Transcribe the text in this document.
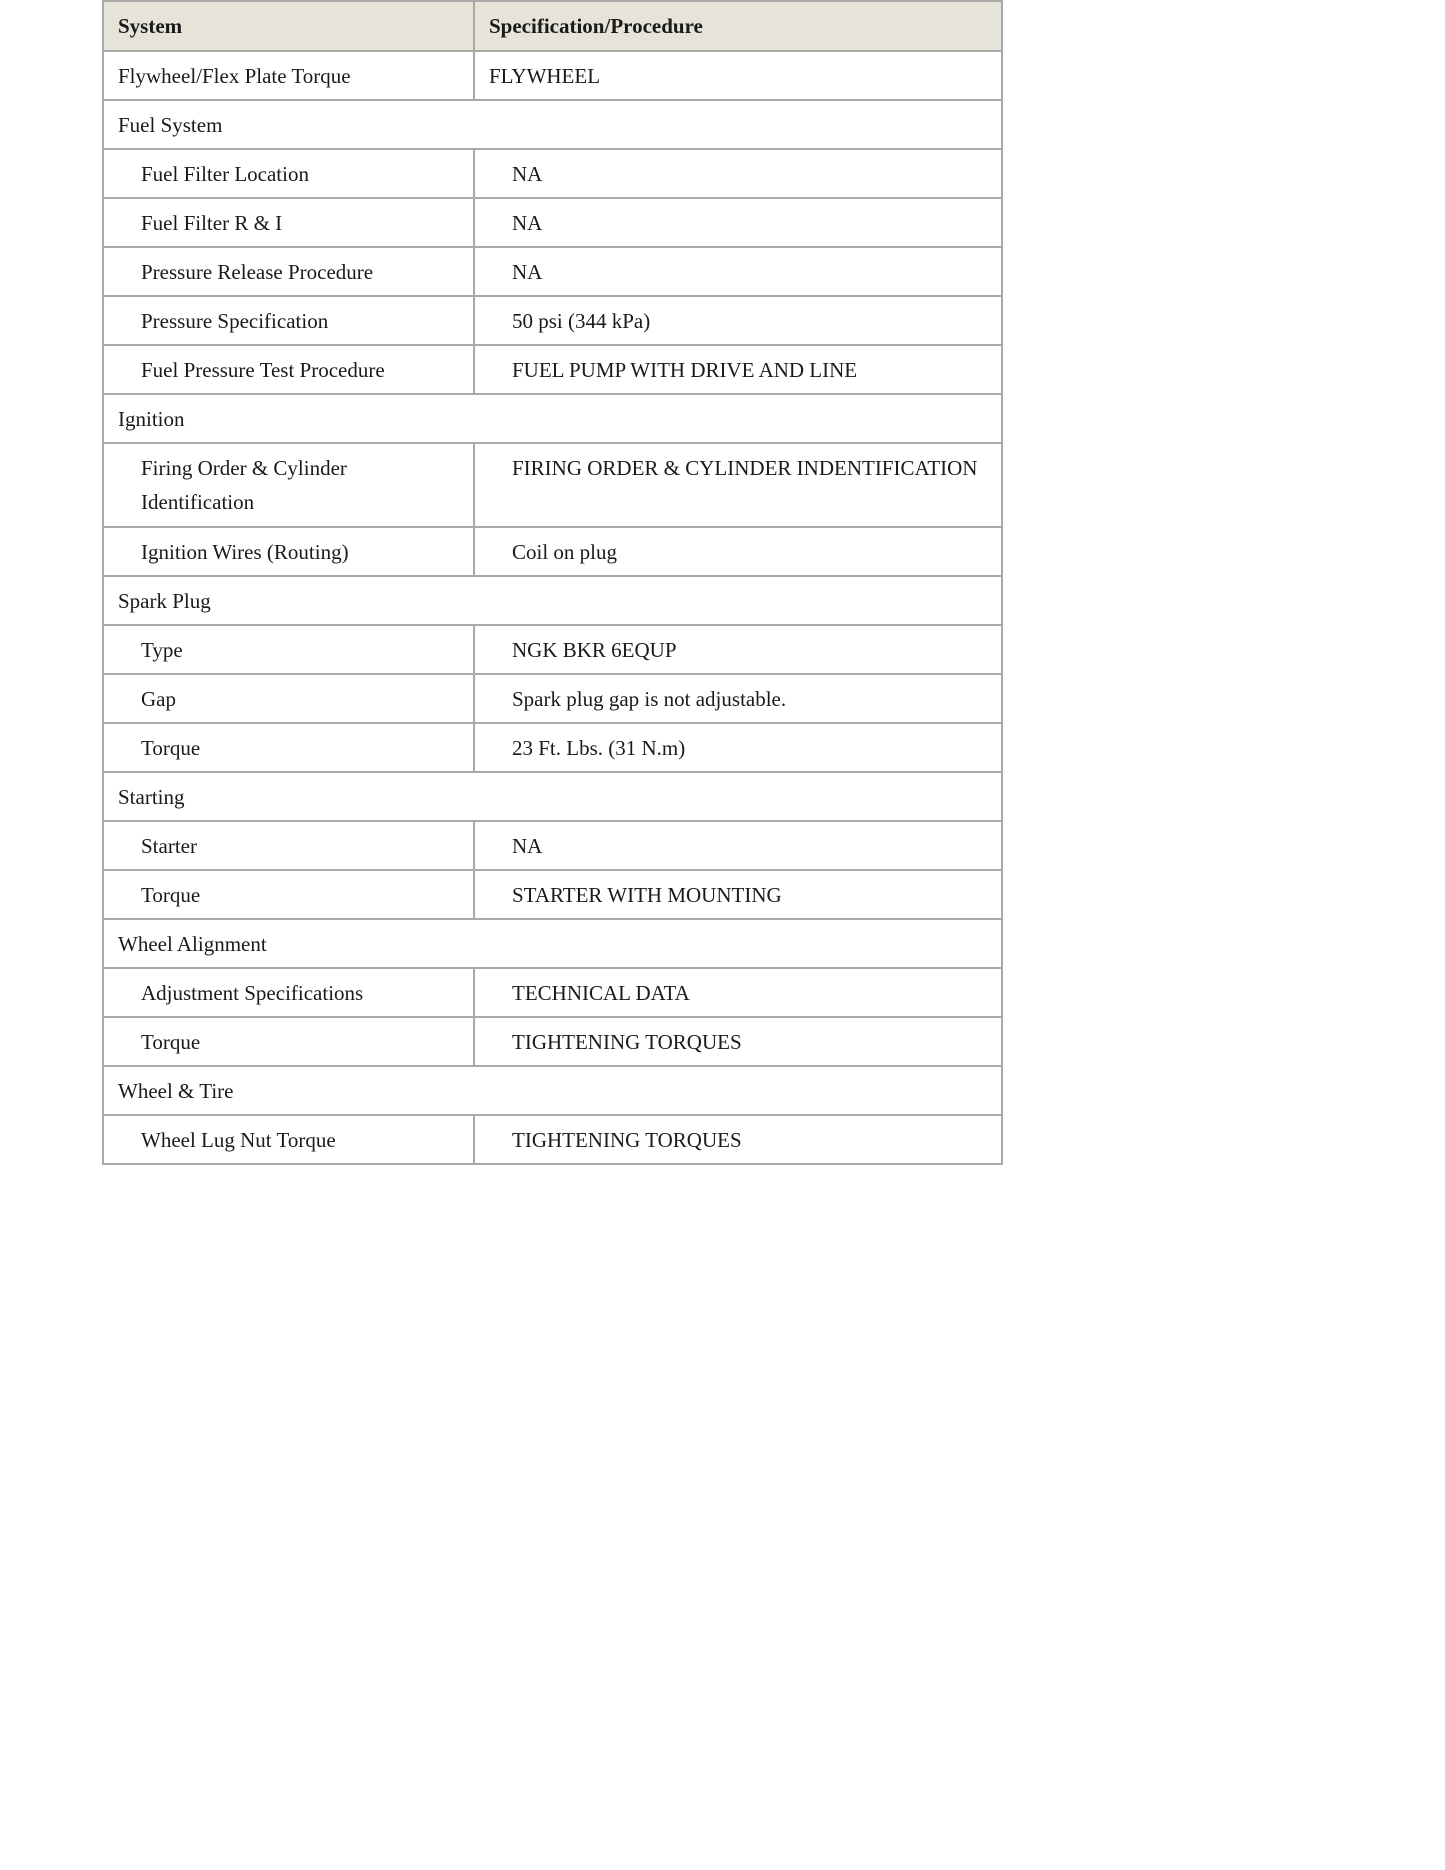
System	Specification/Procedure
Flywheel/Flex Plate Torque	FLYWHEEL
Fuel System	
Fuel Filter Location	NA
Fuel Filter R & I	NA
Pressure Release Procedure	NA
Pressure Specification	50 psi (344 kPa)
Fuel Pressure Test Procedure	FUEL PUMP WITH DRIVE AND LINE
Ignition	
Firing Order & Cylinder Identification	FIRING ORDER & CYLINDER INDENTIFICATION
Ignition Wires (Routing)	Coil on plug
Spark Plug	
Type	NGK BKR 6EQUP
Gap	Spark plug gap is not adjustable.
Torque	23 Ft. Lbs. (31 N.m)
Starting	
Starter	NA
Torque	STARTER WITH MOUNTING
Wheel Alignment	
Adjustment Specifications	TECHNICAL DATA
Torque	TIGHTENING TORQUES
Wheel & Tire	
Wheel Lug Nut Torque	TIGHTENING TORQUES
